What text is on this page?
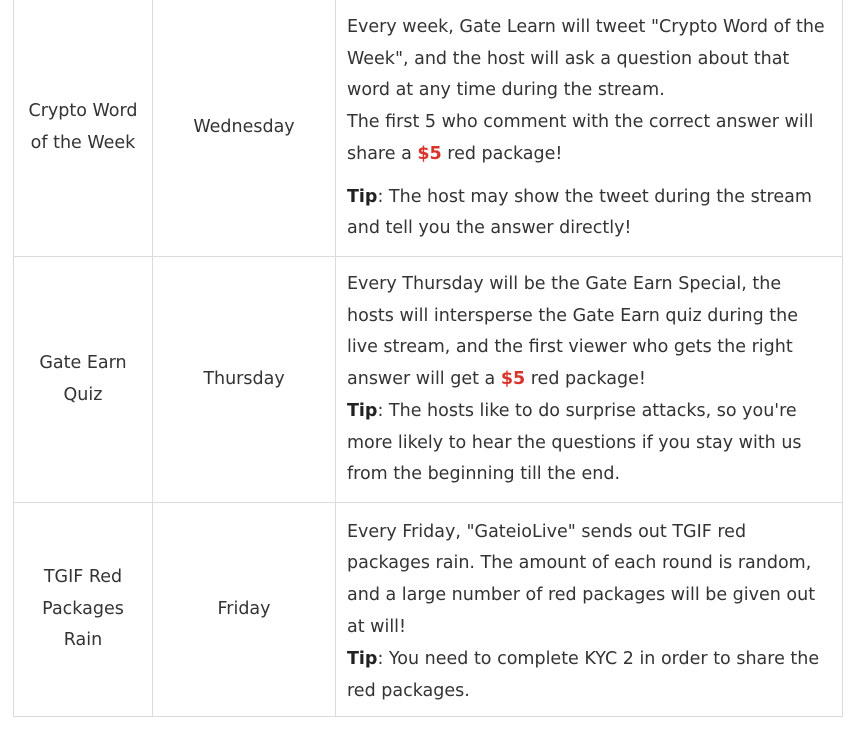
Crypto Word of the Week	Wednesday	Every week, Gate Learn will tweet "Crypto Word of the Week", and the host will ask a question about that word at any time during the stream.
The first 5 who comment with the correct answer will share a $5 red package!
Tip: The host may show the tweet during the stream and tell you the answer directly!

Gate Earn Quiz	Thursday	Every Thursday will be the Gate Earn Special, the hosts will intersperse the Gate Earn quiz during the live stream, and the first viewer who gets the right answer will get a $5 red package!
Tip: The hosts like to do surprise attacks, so you're more likely to hear the questions if you stay with us from the beginning till the end.

TGIF Red Packages Rain	Friday	Every Friday, "GateioLive" sends out TGIF red packages rain. The amount of each round is random, and a large number of red packages will be given out at will!
Tip: You need to complete KYC 2 in order to share the red packages.
